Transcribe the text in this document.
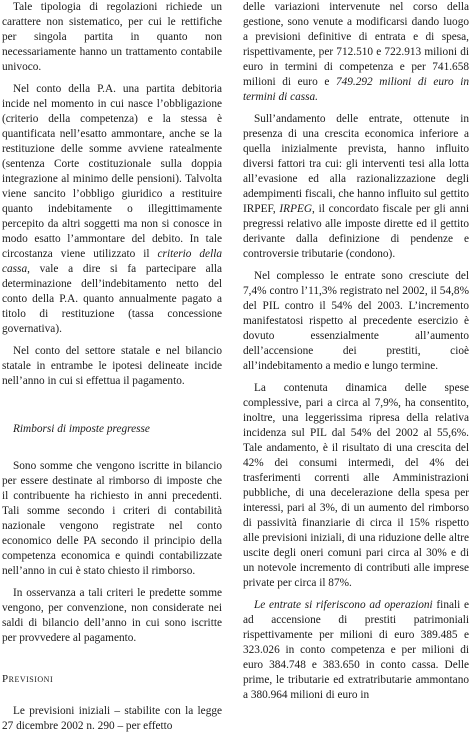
Tale tipologia di regolazioni richiede un carattere non sistematico, per cui le rettifiche per singola partita in quanto non necessariamente hanno un trattamento contabile univoco.

Nel conto della P.A. una partita debitoria incide nel momento in cui nasce l’obbligazione (criterio della competenza) e la stessa è quantificata nell’esatto ammontare, anche se la restituzione delle somme avviene ratealmente (sentenza Corte costituzionale sulla doppia integrazione al minimo delle pensioni). Talvolta viene sancito l’obbligo giuridico a restituire quanto indebitamente o illegittimamente percepito da altri soggetti ma non si conosce in modo esatto l’ammontare del debito. In tale circostanza viene utilizzato il criterio della cassa, vale a dire si fa partecipare alla determinazione dell’indebitamento netto del conto della P.A. quanto annualmente pagato a titolo di restituzione (tassa concessione governativa).

Nel conto del settore statale e nel bilancio statale in entrambe le ipotesi delineate incide nell’anno in cui si effettua il pagamento.

Rimborsi di imposte pregresse

Sono somme che vengono iscritte in bilancio per essere destinate al rimborso di imposte che il contribuente ha richiesto in anni precedenti. Tali somme secondo i criteri di contabilità nazionale vengono registrate nel conto economico delle PA secondo il principio della competenza economica e quindi contabilizzate nell’anno in cui è stato chiesto il rimborso.

In osservanza a tali criteri le predette somme vengono, per convenzione, non considerate nei saldi di bilancio dell’anno in cui sono iscritte per provvedere al pagamento.

Previsioni

Le previsioni iniziali – stabilite con la legge 27 dicembre 2002 n. 290 – per effetto

delle variazioni intervenute nel corso della gestione, sono venute a modificarsi dando luogo a previsioni definitive di entrata e di spesa, rispettivamente, per 712.510 e 722.913 milioni di euro in termini di competenza e per 741.658 milioni di euro e 749.292 milioni di euro in termini di cassa.

Sull’andamento delle entrate, ottenute in presenza di una crescita economica inferiore a quella inizialmente prevista, hanno influito diversi fattori tra cui: gli interventi tesi alla lotta all’evasione ed alla razionalizzazione degli adempimenti fiscali, che hanno influito sul gettito IRPEF, IRPEG, il concordato fiscale per gli anni pregressi relativo alle imposte dirette ed il gettito derivante dalla definizione di pendenze e controversie tributarie (condono).

Nel complesso le entrate sono cresciute del 7,4% contro l’11,3% registrato nel 2002, il 54,8% del PIL contro il 54% del 2003. L’incremento manifestatosi rispetto al precedente esercizio è dovuto essenzialmente all’aumento dell’accensione dei prestiti, cioè all’indebitamento a medio e lungo termine.

La contenuta dinamica delle spese complessive, pari a circa al 7,9%, ha consentito, inoltre, una leggerissima ripresa della relativa incidenza sul PIL dal 54% del 2002 al 55,6%. Tale andamento, è il risultato di una crescita del 42% dei consumi intermedi, del 4% dei trasferimenti correnti alle Amministrazioni pubbliche, di una decelerazione della spesa per interessi, pari al 3%, di un aumento del rimborso di passività finanziarie di circa il 15% rispetto alle previsioni iniziali, di una riduzione delle altre uscite degli oneri comuni pari circa al 30% e di un notevole incremento di contributi alle imprese private per circa il 87%.

Le entrate si riferiscono ad operazioni finali e ad accensione di prestiti patrimoniali rispettivamente per milioni di euro 389.485 e 323.026 in conto competenza e per milioni di euro 384.748 e 383.650 in conto cassa. Delle prime, le tributarie ed extratributarie ammontano a 380.964 milioni di euro in
